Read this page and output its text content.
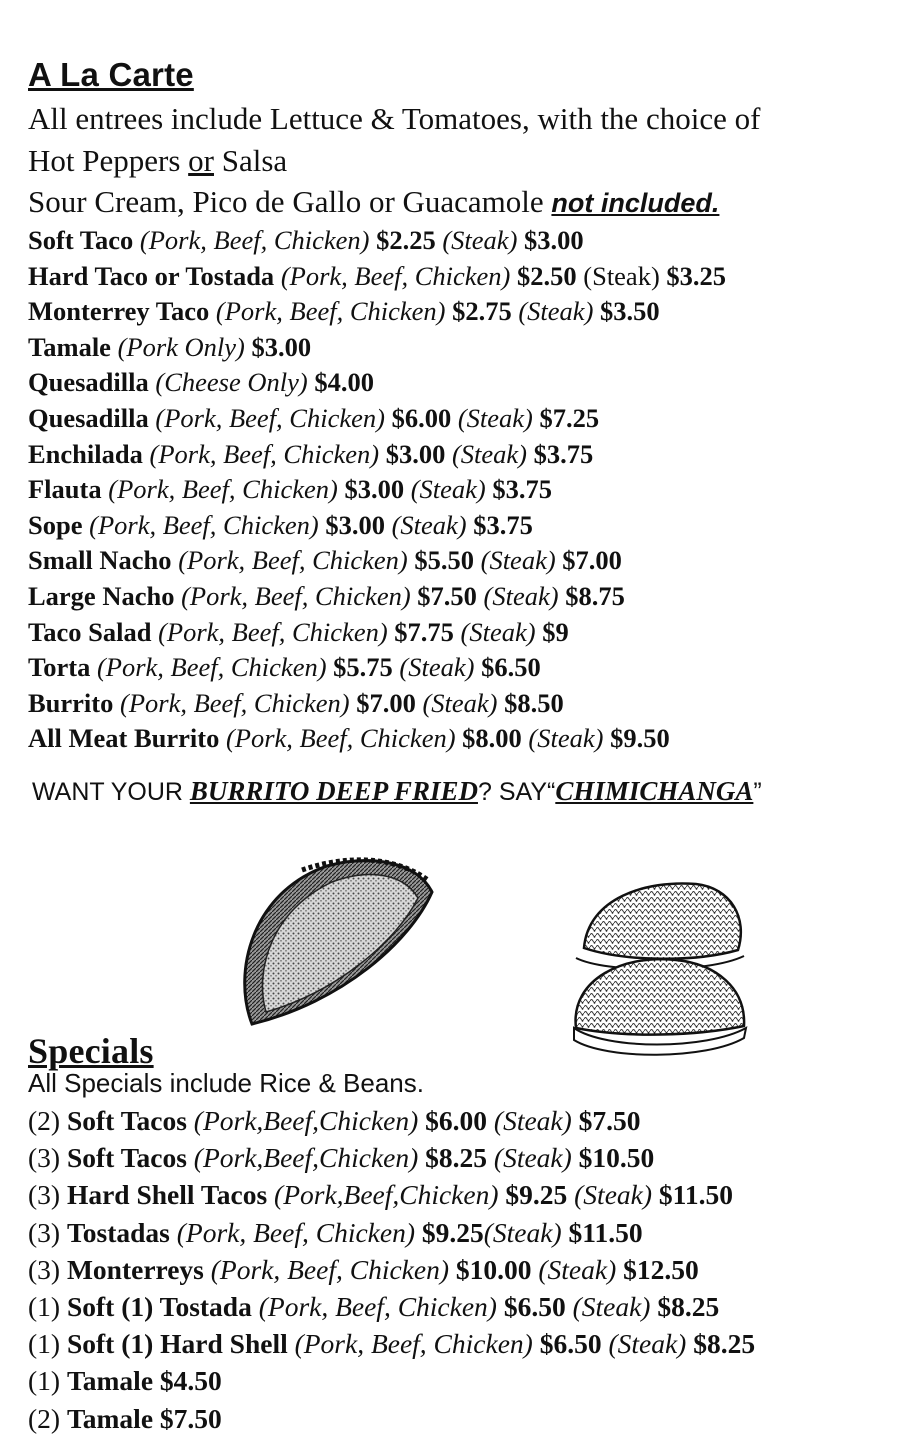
A La Carte
All entrees include Lettuce & Tomatoes, with the choice of
Hot Peppers or Salsa
Sour Cream, Pico de Gallo or Guacamole not included.
Soft Taco (Pork, Beef, Chicken) $2.25 (Steak) $3.00
Hard Taco or Tostada (Pork, Beef, Chicken) $2.50 (Steak) $3.25
Monterrey Taco (Pork, Beef, Chicken) $2.75 (Steak) $3.50
Tamale (Pork Only) $3.00
Quesadilla (Cheese Only) $4.00
Quesadilla (Pork, Beef, Chicken) $6.00 (Steak) $7.25
Enchilada (Pork, Beef, Chicken) $3.00 (Steak) $3.75
Flauta (Pork, Beef, Chicken) $3.00 (Steak) $3.75
Sope (Pork, Beef, Chicken) $3.00 (Steak) $3.75
Small Nacho (Pork, Beef, Chicken) $5.50 (Steak) $7.00
Large Nacho (Pork, Beef, Chicken) $7.50 (Steak) $8.75
Taco Salad (Pork, Beef, Chicken) $7.75 (Steak) $9
Torta (Pork, Beef, Chicken) $5.75 (Steak) $6.50
Burrito (Pork, Beef, Chicken) $7.00 (Steak) $8.50
All Meat Burrito (Pork, Beef, Chicken) $8.00 (Steak) $9.50
WANT YOUR BURRITO DEEP FRIED? SAY“CHIMICHANGA”
Specials
All Specials include Rice & Beans.
(2) Soft Tacos (Pork,Beef,Chicken) $6.00 (Steak) $7.50
(3) Soft Tacos (Pork,Beef,Chicken) $8.25 (Steak) $10.50
(3) Hard Shell Tacos (Pork,Beef,Chicken) $9.25 (Steak) $11.50
(3) Tostadas (Pork, Beef, Chicken) $9.25(Steak) $11.50
(3) Monterreys (Pork, Beef, Chicken) $10.00 (Steak) $12.50
(1) Soft (1) Tostada (Pork, Beef, Chicken) $6.50 (Steak) $8.25
(1) Soft (1) Hard Shell (Pork, Beef, Chicken) $6.50 (Steak) $8.25
(1) Tamale $4.50
(2) Tamale $7.50
